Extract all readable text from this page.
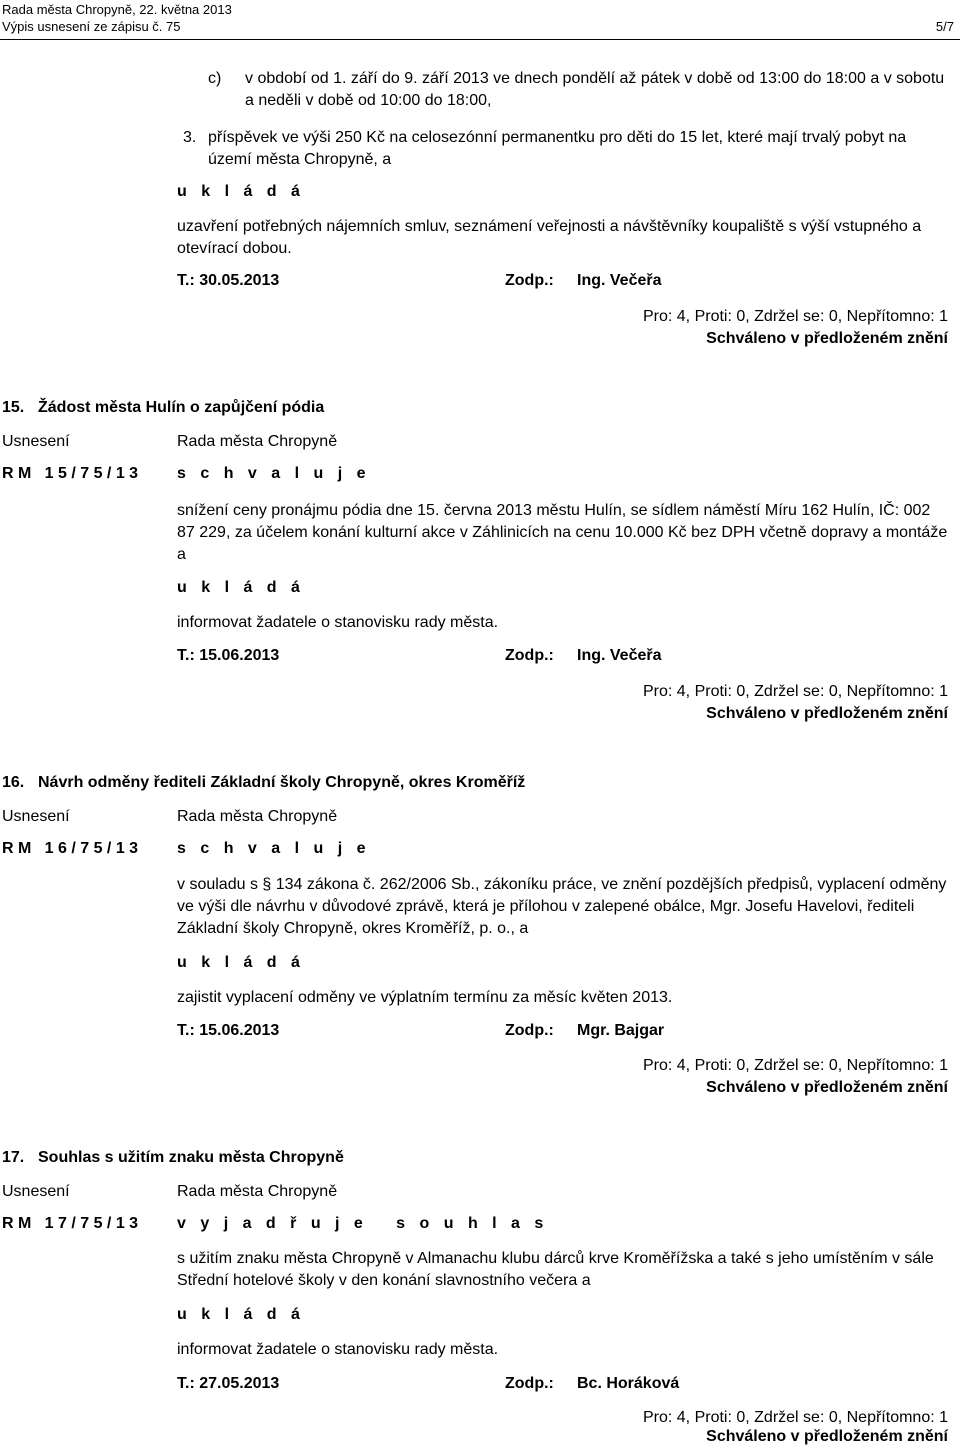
Rada města Chropyně, 22. května 2013
Výpis usnesení ze zápisu č. 75	5/7
c) v období od 1. září do 9. září 2013 ve dnech pondělí až pátek v době od 13:00 do 18:00 a v sobotu
a neděli v době od 10:00 do 18:00,
3. příspěvek ve výši 250 Kč na celosezónní permanentku pro děti do 15 let, které mají trvalý pobyt na
území města Chropyně, a
u k l á d á
uzavření potřebných nájemních smluv, seznámení veřejnosti a návštěvníky koupaliště s výší vstupného a
otevírací dobou.
T.: 30.05.2013	Zodp.: Ing. Večeřa
Pro: 4, Proti: 0, Zdržel se: 0, Nepřítomno: 1
Schváleno v předloženém znění
15. Žádost města Hulín o zapůjčení pódia
Usnesení	Rada města Chropyně
R M   1 5 / 7 5 / 1 3 s c h v a l u j e
snížení ceny pronájmu pódia dne 15. června 2013 městu Hulín, se sídlem náměstí Míru 162 Hulín, IČ: 002
87 229, za účelem konání kulturní akce v Záhlinicích na cenu 10.000 Kč bez DPH včetně dopravy a montáže
a
u k l á d á
informovat žadatele o stanovisku rady města.
T.: 15.06.2013	Zodp.: Ing. Večeřa
Pro: 4, Proti: 0, Zdržel se: 0, Nepřítomno: 1
Schváleno v předloženém znění
16. Návrh odměny řediteli Základní školy Chropyně, okres Kroměříž
Usnesení	Rada města Chropyně
R M   1 6 / 7 5 / 1 3 s c h v a l u j e
v souladu s § 134 zákona č. 262/2006 Sb., zákoníku práce, ve znění pozdějších předpisů, vyplacení odměny
ve výši dle návrhu v důvodové zprávě, která je přílohou v zalepené obálce, Mgr. Josefu Havelovi, řediteli
Základní školy Chropyně, okres Kroměříž, p. o., a
u k l á d á
zajistit vyplacení odměny ve výplatním termínu za měsíc květen 2013.
T.: 15.06.2013	Zodp.: Mgr. Bajgar
Pro: 4, Proti: 0, Zdržel se: 0, Nepřítomno: 1
Schváleno v předloženém znění
17. Souhlas s užitím znaku města Chropyně
Usnesení	Rada města Chropyně
R M   1 7 / 7 5 / 1 3 v y j a d ř u j e   s o u h l a s
s užitím znaku města Chropyně v Almanachu klubu dárců krve Kroměřížska a také s jeho umístěním v sále
Střední hotelové školy v den konání slavnostního večera a
u k l á d á
informovat žadatele o stanovisku rady města.
T.: 27.05.2013	Zodp.: Bc. Horáková
Pro: 4, Proti: 0, Zdržel se: 0, Nepřítomno: 1
Schváleno v předloženém znění
